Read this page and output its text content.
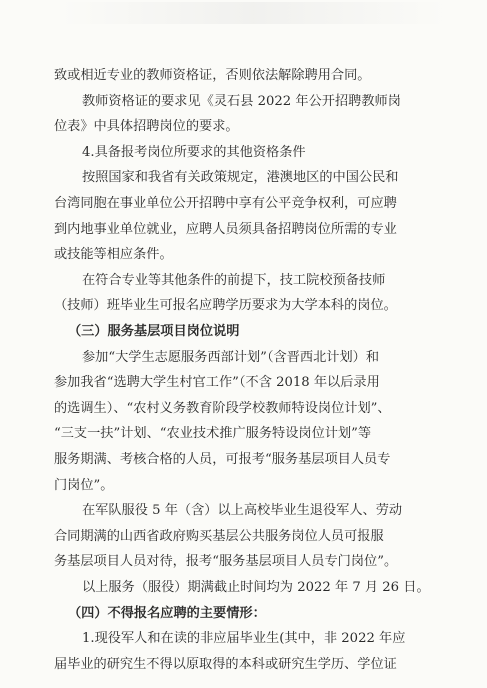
致或相近专业的教师资格证，否则依法解除聘用合同。
教师资格证的要求见《灵石县 2022 年公开招聘教师岗
位表》中具体招聘岗位的要求。
4.具备报考岗位所要求的其他资格条件
按照国家和我省有关政策规定，港澳地区的中国公民和
台湾同胞在事业单位公开招聘中享有公平竞争权利，可应聘
到内地事业单位就业，应聘人员须具备招聘岗位所需的专业
或技能等相应条件。
在符合专业等其他条件的前提下，技工院校预备技师
（技师）班毕业生可报名应聘学历要求为大学本科的岗位。
（三）服务基层项目岗位说明
参加“大学生志愿服务西部计划”（含晋西北计划）和
参加我省“选聘大学生村官工作”（不含 2018 年以后录用
的选调生）、“农村义务教育阶段学校教师特设岗位计划”、
“三支一扶”计划、“农业技术推广服务特设岗位计划”等
服务期满、考核合格的人员，可报考“服务基层项目人员专
门岗位”。
在军队服役 5 年（含）以上高校毕业生退役军人、劳动
合同期满的山西省政府购买基层公共服务岗位人员可报服
务基层项目人员对待，报考“服务基层项目人员专门岗位”。
以上服务（服役）期满截止时间均为 2022 年 7 月 26 日。
（四）不得报名应聘的主要情形：
1.现役军人和在读的非应届毕业生(其中，非 2022 年应
届毕业的研究生不得以原取得的本科或研究生学历、学位证
